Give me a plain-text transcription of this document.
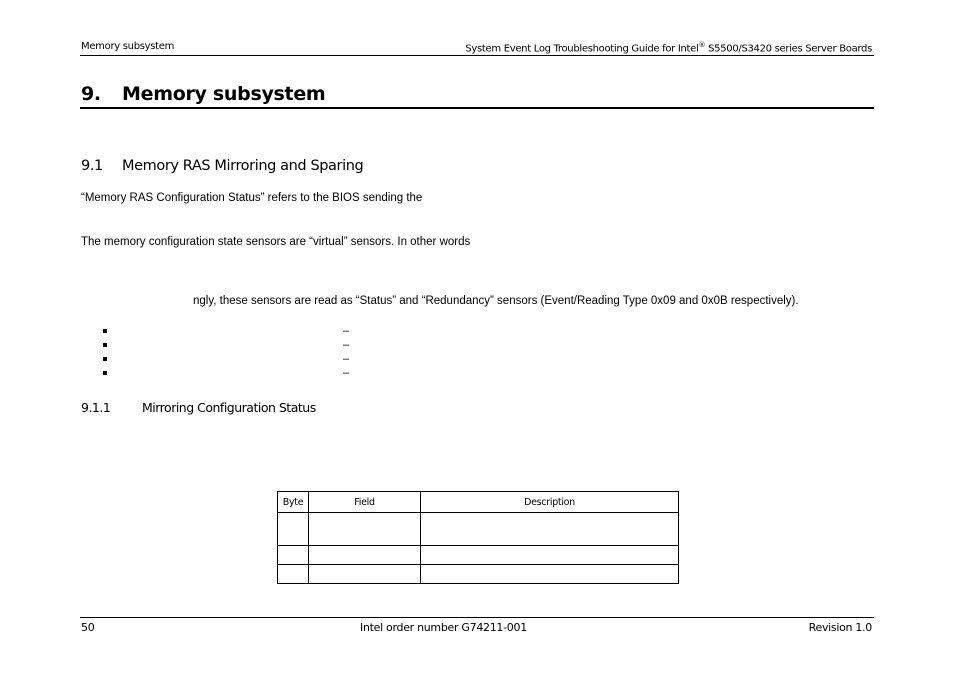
Memory subsystem	System Event Log Troubleshooting Guide for Intel® S5500/S3420 series Server Boards
9. Memory subsystem
9.1 Memory RAS Mirroring and Sparing
“Memory RAS Configuration Status” refers to the BIOS sending the
The memory configuration state sensors are “virtual” sensors. In other words
ngly, these sensors are read as “Status” and “Redundancy” sensors (Event/Reading Type 0x09 and 0x0B respectively).
–
–
–
–
9.1.1	Mirroring Configuration Status
Byte	Field	Description

50	Intel order number G74211-001	Revision 1.0
